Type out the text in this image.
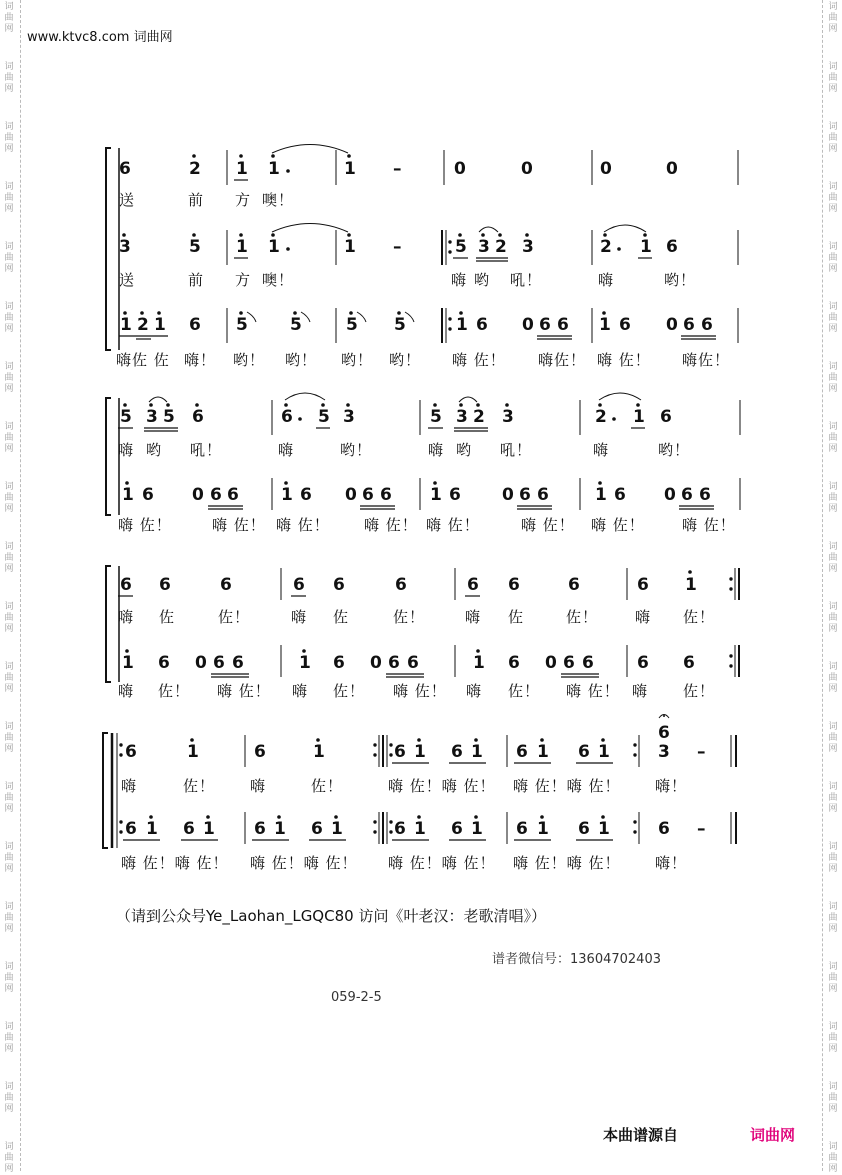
词
曲
网
词
曲
网
词
曲
网
词
曲
网
词
曲
网
词
曲
网
词
曲
网
词
曲
网
词
曲
网
词
曲
网
词
曲
网
词
曲
网
词
曲
网
词
曲
网
词
曲
网
词
曲
网
词
曲
网
词
曲
网
词
曲
网
词
曲
网
词
曲
网
词
曲
网
词
曲
网
词
曲
网
词
曲
网
词
曲
网
词
曲
网
词
曲
网
词
曲
网
词
曲
网
词
曲
网
词
曲
网
词
曲
网
词
曲
网
词
曲
网
词
曲
网
词
曲
网
词
曲
网
词
曲
网
词
曲
网
www.ktvc8.com 词曲网
6	2 1 1	1 –	0	0	0	0
3	5 1 1	1 –	5 3 2 3	2 1 6
1 2 1 6 5 5	5 5	1 6 0 6 6 1 6 0 6 6
5 3 5 6	6 5 3	5 3 2 3	2 1 6
1 6 0 6 6 1 6 0 6 6 1 6 0 6 6	1 6 0 6 6
6 6	6	6 6	6	6 6	6	6 1
1 6 0 6 6	1 6 0 6 6	1 6 0 6 6	6 6
6	1	6	1	6 1 6 1 6 1 6 1
6
3 –
6 1 6 1 6 1 6 1	6 1 6 1 6 1 6 1	6 –
送	前 方 噢！
送	前 方 噢！	嗨 哟 吼！	嗨	哟！
嗨佐 佐 嗨！ 哟！ 哟！ 哟！ 哟！ 嗨 佐！ 嗨佐！ 嗨 佐！ 嗨佐！
嗨 哟 吼！	嗨	哟！	嗨 哟 吼！	嗨	哟！
嗨 佐！	嗨 佐！ 嗨 佐！ 嗨 佐！ 嗨 佐！	嗨 佐！ 嗨 佐！ 嗨 佐！
嗨 佐	佐！	嗨 佐	佐！	嗨 佐	佐！ 嗨 佐！
嗨 佐！ 嗨 佐！ 嗨 佐！ 嗨 佐！ 嗨 佐！ 嗨 佐！ 嗨 佐！
嗨	佐！ 嗨	佐！	嗨 佐！嗨 佐！ 嗨 佐！嗨 佐！ 嗨！
嗨 佐！嗨 佐！ 嗨 佐！嗨 佐！ 嗨 佐！嗨 佐！ 嗨 佐！嗨 佐！ 嗨！
（请到公众号Ye_Laohan_LGQC80 访问《叶老汉：老歌清唱》）
谱者微信号：13604702403
059-2-5
本曲谱源自	词曲网
